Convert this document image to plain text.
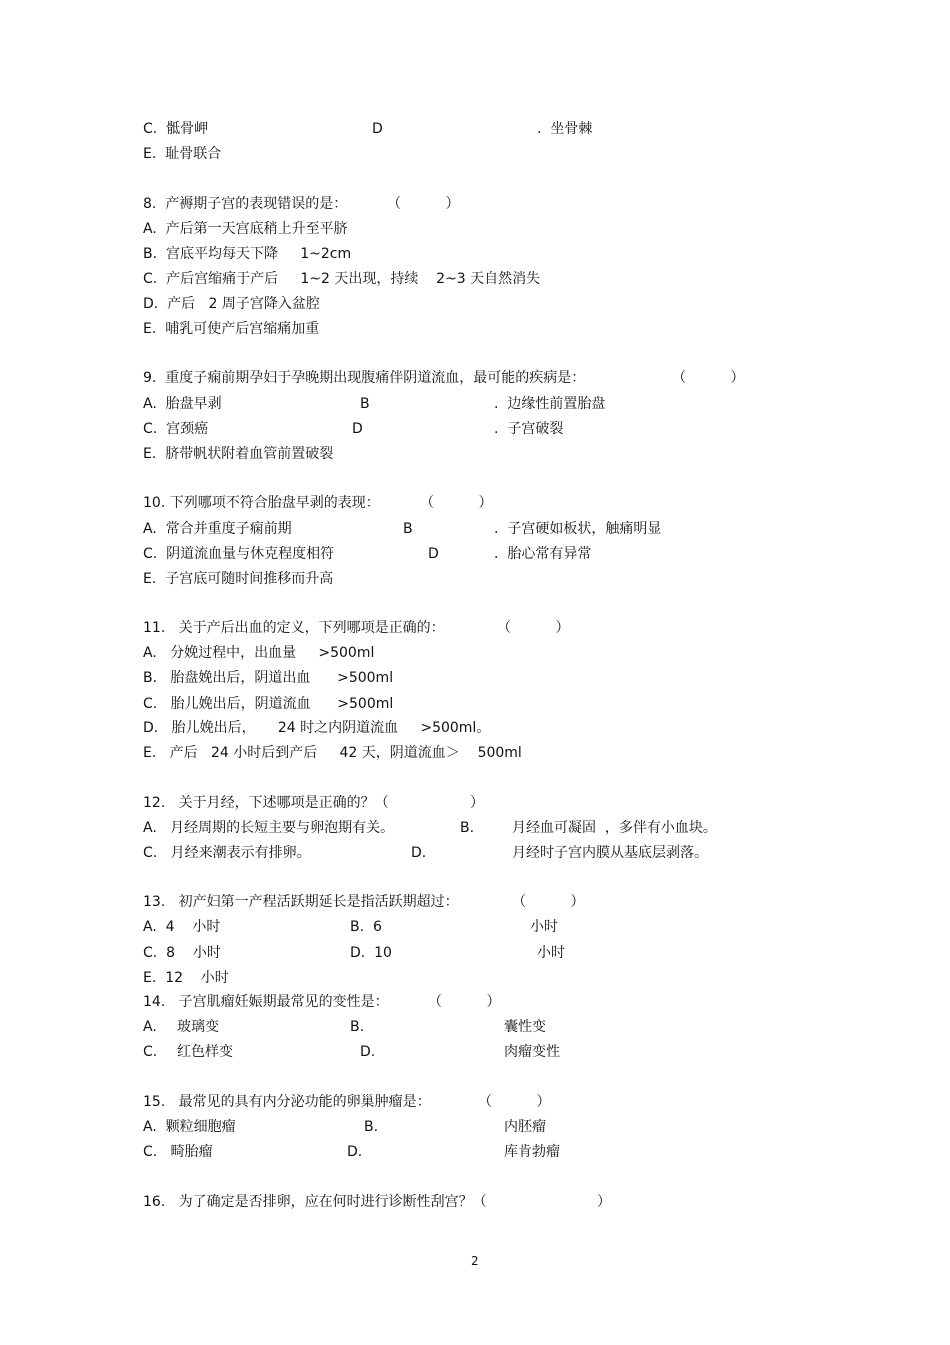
C.  骶骨岬	D	.  坐骨棘
E.  耻骨联合
8.  产褥期子宫的表现错误的是：	（          ）
A.  产后第一天宫底稍上升至平脐
B.  宫底平均每天下降     1~2cm
C.  产后宫缩痛于产后     1~2 天出现，持续    2~3 天自然消失
D.  产后   2 周子宫降入盆腔
E.  哺乳可使产后宫缩痛加重
9.  重度子痫前期孕妇于孕晚期出现腹痛伴阴道流血，最可能的疾病是：	（          ）
A.  胎盘早剥	B	.  边缘性前置胎盘
C.  宫颈癌	D	.  子宫破裂
E.  脐带帆状附着血管前置破裂
10. 下列哪项不符合胎盘早剥的表现：	（          ）
A.  常合并重度子痫前期	B	.  子宫硬如板状，触痛明显
C.  阴道流血量与休克程度相符	D	.  胎心常有异常
E.  子宫底可随时间推移而升高
11.   关于产后出血的定义，下列哪项是正确的：	（          ）
A.   分娩过程中，出血量     >500ml
B.   胎盘娩出后，阴道出血      >500ml
C.   胎儿娩出后，阴道流血      >500ml
D.   胎儿娩出后，     24 时之内阴道流血     >500ml。
E.   产后   24 小时后到产后     42 天，阴道流血＞    500ml
12.   关于月经，下述哪项是正确的？（	）
A.   月经周期的长短主要与卵泡期有关。	B.	月经血可凝固  ，多伴有小血块。
C.   月经来潮表示有排卵。	D.	月经时子宫内膜从基底层剥落。
13.   初产妇第一产程活跃期延长是指活跃期超过：	（          ）
A.  4    小时	B.  6	小时
C.  8    小时	D.  10	小时
E.  12    小时
14.   子宫肌瘤妊娠期最常见的变性是：	（          ）
A. 玻璃变	B.	囊性变
C. 红色样变	D.	肉瘤变性
15.   最常见的具有内分泌功能的卵巢肿瘤是：	（          ）
A.  颗粒细胞瘤	B.	内胚瘤
C.   畸胎瘤	D.	库肯勃瘤
16.   为了确定是否排卵，应在何时进行诊断性刮宫？（	）
2
